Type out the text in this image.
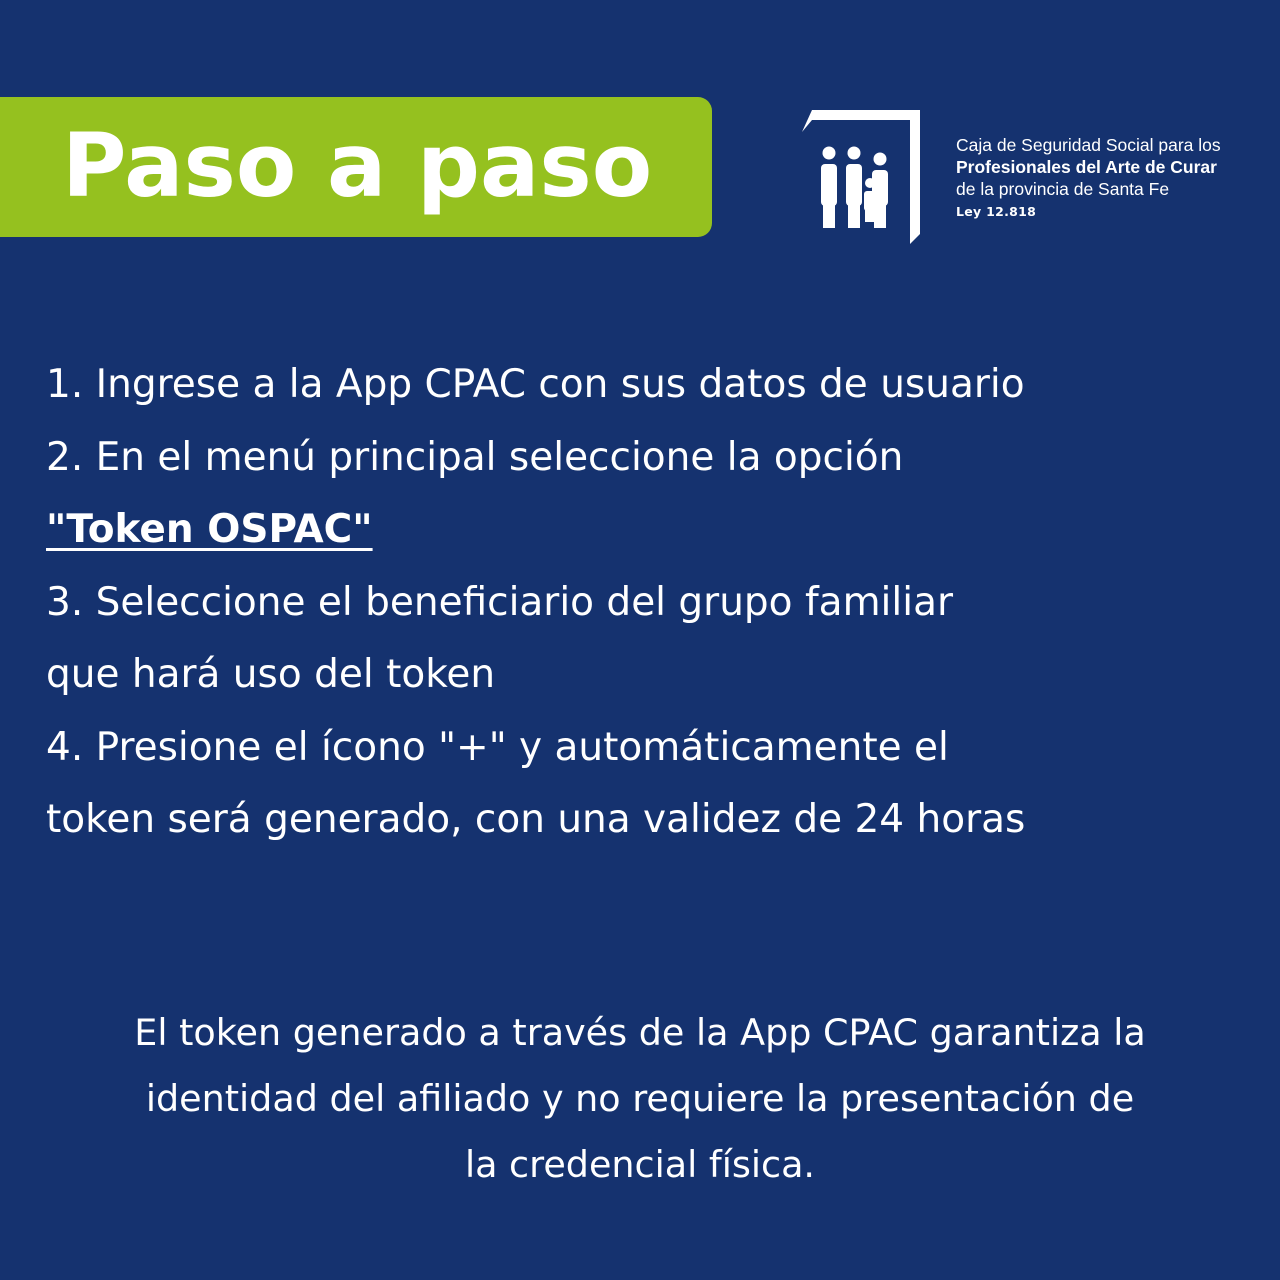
Paso a paso	Caja de Seguridad Social para los
Profesionales del Arte de Curar
de la provincia de Santa Fe
Ley 12.818
1. Ingrese a la App CPAC con sus datos de usuario
2. En el menú principal seleccione la opción
"Token OSPAC"
3. Seleccione el beneficiario del grupo familiar
que hará uso del token
4. Presione el ícono "+" y automáticamente el
token será generado, con una validez de 24 horas
El token generado a través de la App CPAC garantiza la
identidad del afiliado y no requiere la presentación de
la credencial física.
